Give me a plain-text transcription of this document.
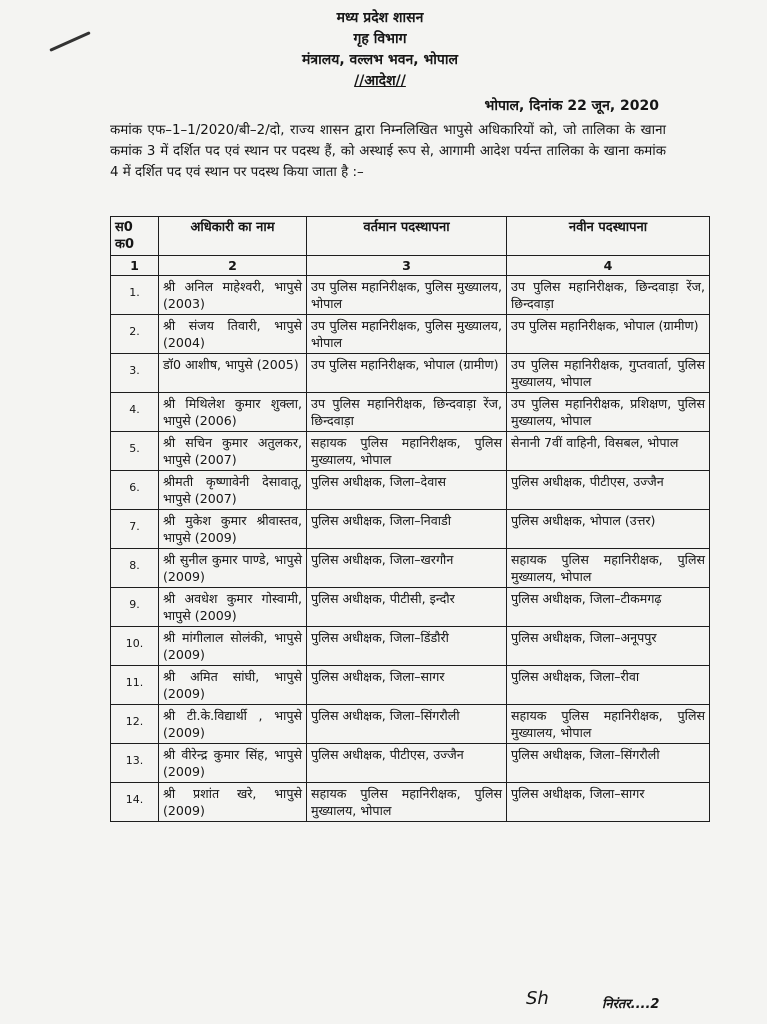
मध्य प्रदेश शासन
गृह विभाग
मंत्रालय, वल्लभ भवन, भोपाल
//आदेश//
भोपाल, दिनांक 22 जून, 2020
कमांक एफ–1–1/2020/बी–2/दो, राज्य शासन द्वारा निम्नलिखित भापुसे अधिकारियों को, जो तालिका के खाना कमांक 3 में दर्शित पद एवं स्थान पर पदस्थ हैं, को अस्थाई रूप से, आगामी आदेश पर्यन्त तालिका के खाना कमांक 4 में दर्शित पद एवं स्थान पर पदस्थ किया जाता है :–
स0 क0	अधिकारी का नाम	वर्तमान पदस्थापना	नवीन पदस्थापना
1	2	3	4
1.	श्री अनिल माहेश्वरी, भापुसे (2003)	उप पुलिस महानिरीक्षक, पुलिस मुख्यालय, भोपाल	उप पुलिस महानिरीक्षक, छिन्दवाड़ा रेंज, छिन्दवाड़ा
2.	श्री संजय तिवारी, भापुसे (2004)	उप पुलिस महानिरीक्षक, पुलिस मुख्यालय, भोपाल	उप पुलिस महानिरीक्षक, भोपाल (ग्रामीण)
3.	डॉ0 आशीष, भापुसे (2005)	उप पुलिस महानिरीक्षक, भोपाल (ग्रामीण)	उप पुलिस महानिरीक्षक, गुप्तवार्ता, पुलिस मुख्यालय, भोपाल
4.	श्री मिथिलेश कुमार शुक्ला, भापुसे (2006)	उप पुलिस महानिरीक्षक, छिन्दवाड़ा रेंज, छिन्दवाड़ा	उप पुलिस महानिरीक्षक, प्रशिक्षण, पुलिस मुख्यालय, भोपाल
5.	श्री सचिन कुमार अतुलकर, भापुसे (2007)	सहायक पुलिस महानिरीक्षक, पुलिस मुख्यालय, भोपाल	सेनानी 7वीं वाहिनी, विसबल, भोपाल
6.	श्रीमती कृष्णावेनी देसावातू, भापुसे (2007)	पुलिस अधीक्षक, जिला–देवास	पुलिस अधीक्षक, पीटीएस, उज्जैन
7.	श्री मुकेश कुमार श्रीवास्तव, भापुसे (2009)	पुलिस अधीक्षक, जिला–निवाडी	पुलिस अधीक्षक, भोपाल (उत्तर)
8.	श्री सुनील कुमार पाण्डे, भापुसे (2009)	पुलिस अधीक्षक, जिला–खरगौन	सहायक पुलिस महानिरीक्षक, पुलिस मुख्यालय, भोपाल
9.	श्री अवधेश कुमार गोस्वामी, भापुसे (2009)	पुलिस अधीक्षक, पीटीसी, इन्दौर	पुलिस अधीक्षक, जिला–टीकमगढ़
10.	श्री मांगीलाल सोलंकी, भापुसे (2009)	पुलिस अधीक्षक, जिला–डिंडौरी	पुलिस अधीक्षक, जिला–अनूपपुर
11.	श्री अमित सांघी, भापुसे (2009)	पुलिस अधीक्षक, जिला–सागर	पुलिस अधीक्षक, जिला–रीवा
12.	श्री टी.के.विद्यार्थी , भापुसे (2009)	पुलिस अधीक्षक, जिला–सिंगरौली	सहायक पुलिस महानिरीक्षक, पुलिस मुख्यालय, भोपाल
13.	श्री वीरेन्द्र कुमार सिंह, भापुसे (2009)	पुलिस अधीक्षक, पीटीएस, उज्जैन	पुलिस अधीक्षक, जिला–सिंगरौली
14.	श्री प्रशांत खरे, भापुसे (2009)	सहायक पुलिस महानिरीक्षक, पुलिस मुख्यालय, भोपाल	पुलिस अधीक्षक, जिला–सागर
Sh	निरंतर....2
